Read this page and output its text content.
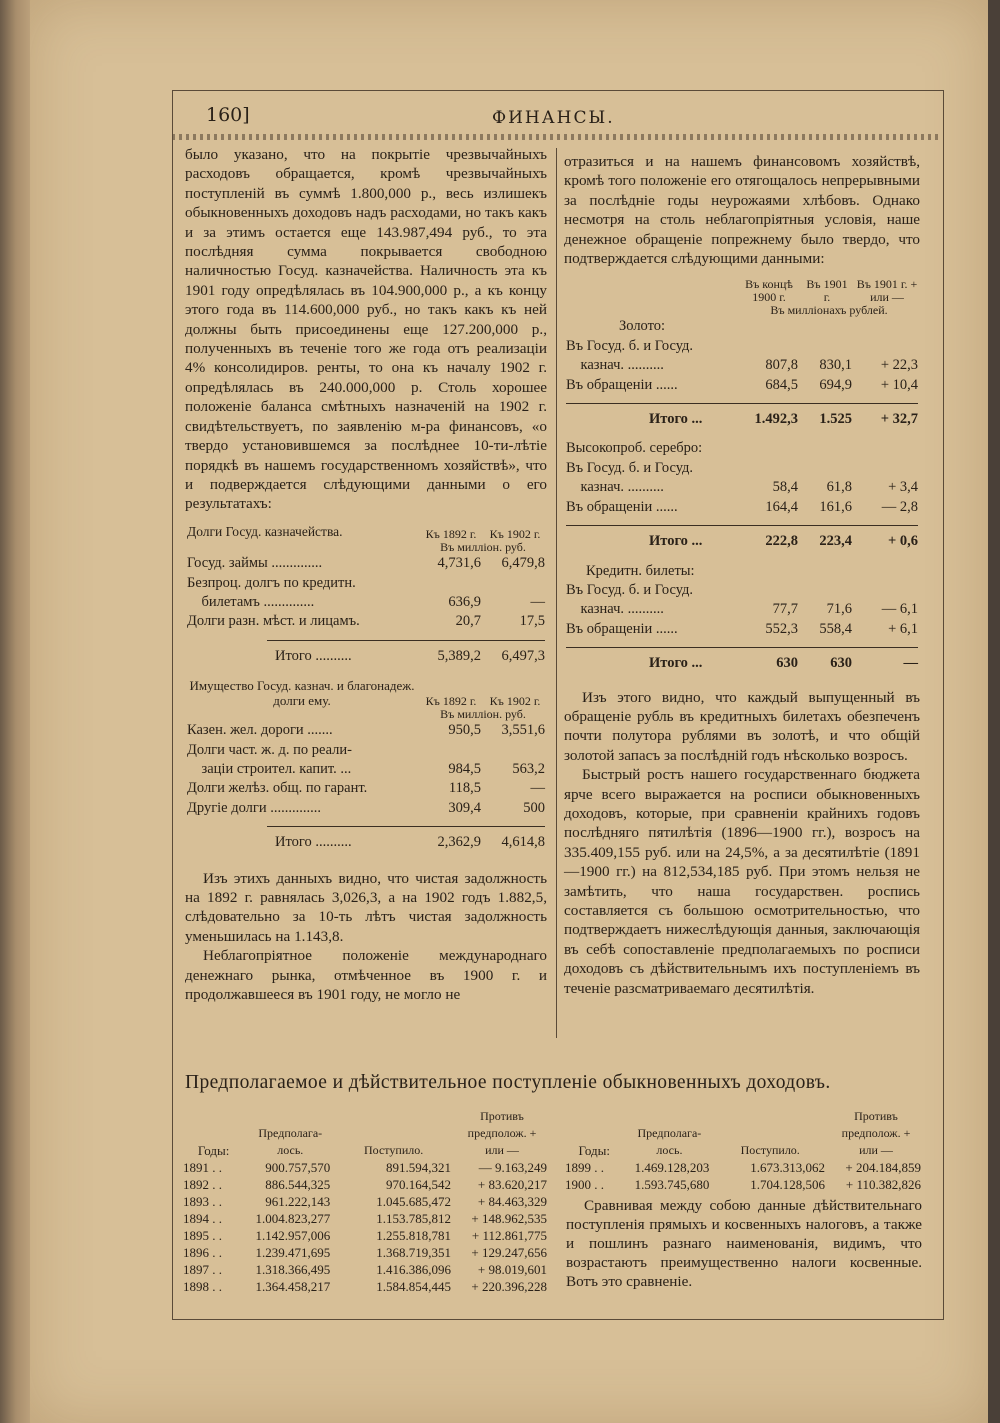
160]	ФИНАНСЫ.

было указано, что на покрытіе чрезвычайныхъ расходовъ обращается, кромѣ чрезвычайныхъ поступленій въ суммѣ 1.800,000 р., весь излишекъ обыкновенныхъ доходовъ надъ расходами, но такъ какъ и за этимъ остается еще 143.987,494 руб., то эта послѣдняя сумма покрывается свободною наличностью Госуд. казначейства. Наличность эта къ 1901 году опредѣлялась въ 104.900,000 р., а къ концу этого года въ 114.600,000 руб., но такъ какъ къ ней должны быть присоединены еще 127.200,000 р., полученныхъ въ теченіе того же года отъ реализаціи 4% консолидиров. ренты, то она къ началу 1902 г. опредѣлялась въ 240.000,000 р. Столь хорошее положеніе баланса смѣтныхъ назначеній на 1902 г. свидѣтельствуетъ, по заявленію м-ра финансовъ, «о твердо установившемся за послѣднее 10-ти-лѣтіе порядкѣ въ нашемъ государственномъ хозяйствѣ», что и подверждается слѣдующими данными о его результатахъ:

Долги Госуд. казначейства.	Къ 1892 г.	Къ 1902 г.
	Въ милліон. руб.	
Госуд. займы ..............	4,731,6	6,479,8
Безпроц. долгъ по кредитн.		
билетамъ ..............	636,9	—
Долги разн. мѣст. и лицамъ.	20,7	17,5

Итого ..........	5,389,2	6,497,3
Имущество Госуд. казнач. и благонадеж. долги ему.	Къ 1892 г.	Къ 1902 г.
	Въ милліон. руб.	
Казен. жел. дороги .......	950,5	3,551,6
Долги част. ж. д. по реали-		
заціи строител. капит. ...	984,5	563,2
Долги желѣз. общ. по гарант.	118,5	—
Другіе долги ..............	309,4	500

Итого ..........	2,362,9	4,614,8

Изъ этихъ данныхъ видно, что чистая задолжность на 1892 г. равнялась 3,026,3, а на 1902 годъ 1.882,5, слѣдовательно за 10-ть лѣтъ чистая задолжность уменьшилась на 1.143,8.

Неблагопріятное положеніе международнаго денежнаго рынка, отмѣченное въ 1900 г. и продолжавшееся въ 1901 году, не могло не

отразиться и на нашемъ финансовомъ хозяйствѣ, кромѣ того положеніе его отягощалось непрерывными за послѣдніе годы неурожаями хлѣбовъ. Однако несмотря на столь неблагопріятныя условія, наше денежное обращеніе попрежнему было твердо, что подтверждается слѣдующими данными:

	Въ концѣ 1900 г.	Въ 1901 г.	Въ 1901 г. + или —
	Въ милліонахъ рублей.		
Золото:			
Въ Госуд. б. и Госуд.			
казнач. ..........	807,8	830,1	+ 22,3
Въ обращеніи ......	684,5	694,9	+ 10,4

Итого ...	1.492,3	1.525	+ 32,7

Высокопроб. серебро:			
Въ Госуд. б. и Госуд.			
казнач. ..........	58,4	61,8	+ 3,4
Въ обращеніи ......	164,4	161,6	— 2,8

Итого ...	222,8	223,4	+ 0,6

Кредитн. билеты:			
Въ Госуд. б. и Госуд.			
казнач. ..........	77,7	71,6	— 6,1
Въ обращеніи ......	552,3	558,4	+ 6,1

Итого ...	630	630	—

Изъ этого видно, что каждый выпущенный въ обращеніе рубль въ кредитныхъ билетахъ обезпеченъ почти полутора рублями въ золотѣ, и что общій золотой запасъ за послѣдній годъ нѣсколько возросъ.

Быстрый ростъ нашего государственнаго бюджета ярче всего выражается на росписи обыкновенныхъ доходовъ, которые, при сравненіи крайнихъ годовъ послѣдняго пятилѣтія (1896—1900 гг.), возросъ на 335.409,155 руб. или на 24,5%, а за десятилѣтіе (1891—1900 гг.) на 812,534,185 руб. При этомъ нельзя не замѣтить, что наша государствен. роспись составляется съ большою осмотрительностью, что подтверждаетъ нижеслѣдующія данныя, заключающія въ себѣ сопоставленіе предполагаемыхъ по росписи доходовъ съ дѣйствительнымъ ихъ поступленіемъ въ теченіе разсматриваемаго десятилѣтія.

Предполагаемое и дѣйствительное поступленіе обыкновенныхъ доходовъ.
Годы:	Предполага-лось.	Поступило.	Противъ предполож. + или —
1891 . .	900.757,570	891.594,321	— 9.163,249
1892 . .	886.544,325	970.164,542	+ 83.620,217
1893 . .	961.222,143	1.045.685,472	+ 84.463,329
1894 . .	1.004.823,277	1.153.785,812	+ 148.962,535
1895 . .	1.142.957,006	1.255.818,781	+ 112.861,775
1896 . .	1.239.471,695	1.368.719,351	+ 129.247,656
1897 . .	1.318.366,495	1.416.386,096	+ 98.019,601
1898 . .	1.364.458,217	1.584.854,445	+ 220.396,228
Годы:	Предполага-лось.	Поступило.	Противъ предполож. + или —
1899 . .	1.469.128,203	1.673.313,062	+ 204.184,859
1900 . .	1.593.745,680	1.704.128,506	+ 110.382,826

Сравнивая между собою данные дѣйствительнаго поступленія прямыхъ и косвенныхъ налоговъ, а также и пошлинъ разнаго наименованія, видимъ, что возрастаютъ преимущественно налоги косвенные. Вотъ это сравненіе.
